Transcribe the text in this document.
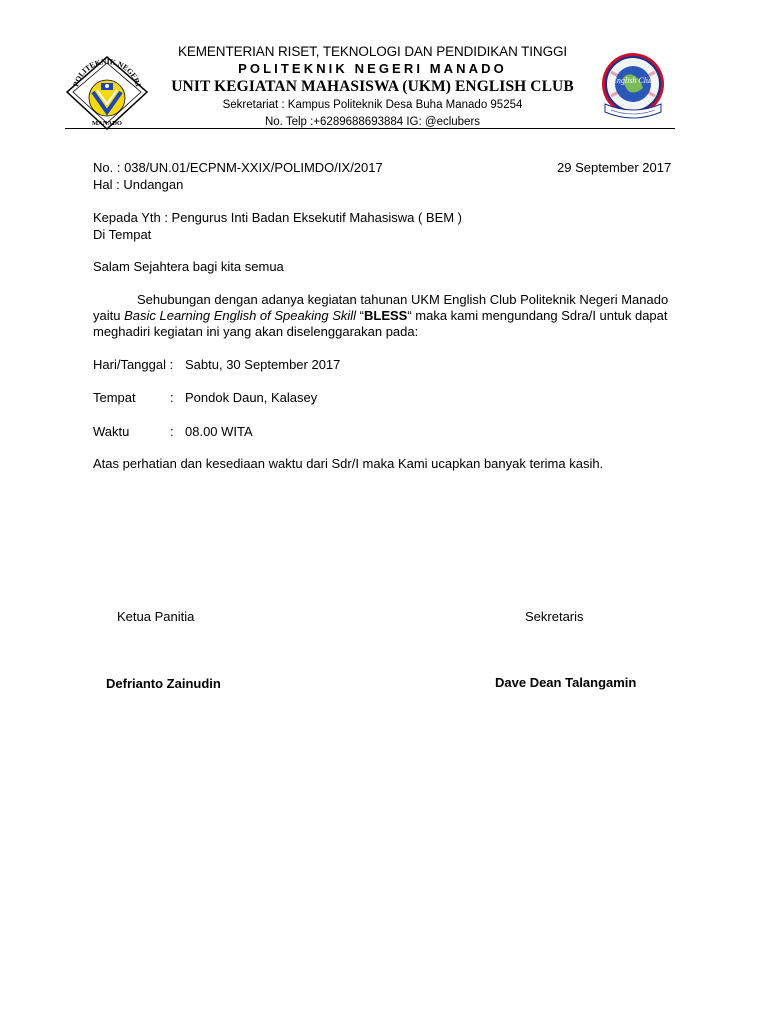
POLITEKNIK NEGERI
MANADO
English Club
KEMENTERIAN RISET, TEKNOLOGI DAN PENDIDIKAN TINGGI
POLITEKNIK NEGERI MANADO
UNIT KEGIATAN MAHASISWA (UKM) ENGLISH CLUB
Sekretariat : Kampus Politeknik Desa Buha Manado 95254
No. Telp :+6289688693884 IG: @eclubers
No. : 038/UN.01/ECPNM-XXIX/POLIMDO/IX/2017	29 September 2017
Hal : Undangan
Kepada Yth : Pengurus Inti Badan Eksekutif Mahasiswa ( BEM )
Di Tempat
Salam Sejahtera bagi kita semua
Sehubungan dengan adanya kegiatan tahunan UKM English Club Politeknik Negeri Manado yaitu Basic Learning English of Speaking Skill “BLESS“ maka kami mengundang Sdra/I untuk dapat meghadiri kegiatan ini yang akan diselenggarakan pada:
Hari/Tanggal : Sabtu, 30 September 2017
Tempat	: Pondok Daun, Kalasey
Waktu	: 08.00 WITA
Atas perhatian dan kesediaan waktu dari Sdr/I maka Kami ucapkan banyak terima kasih.
Ketua Panitia
Defrianto Zainudin
Sekretaris
Dave Dean Talangamin
